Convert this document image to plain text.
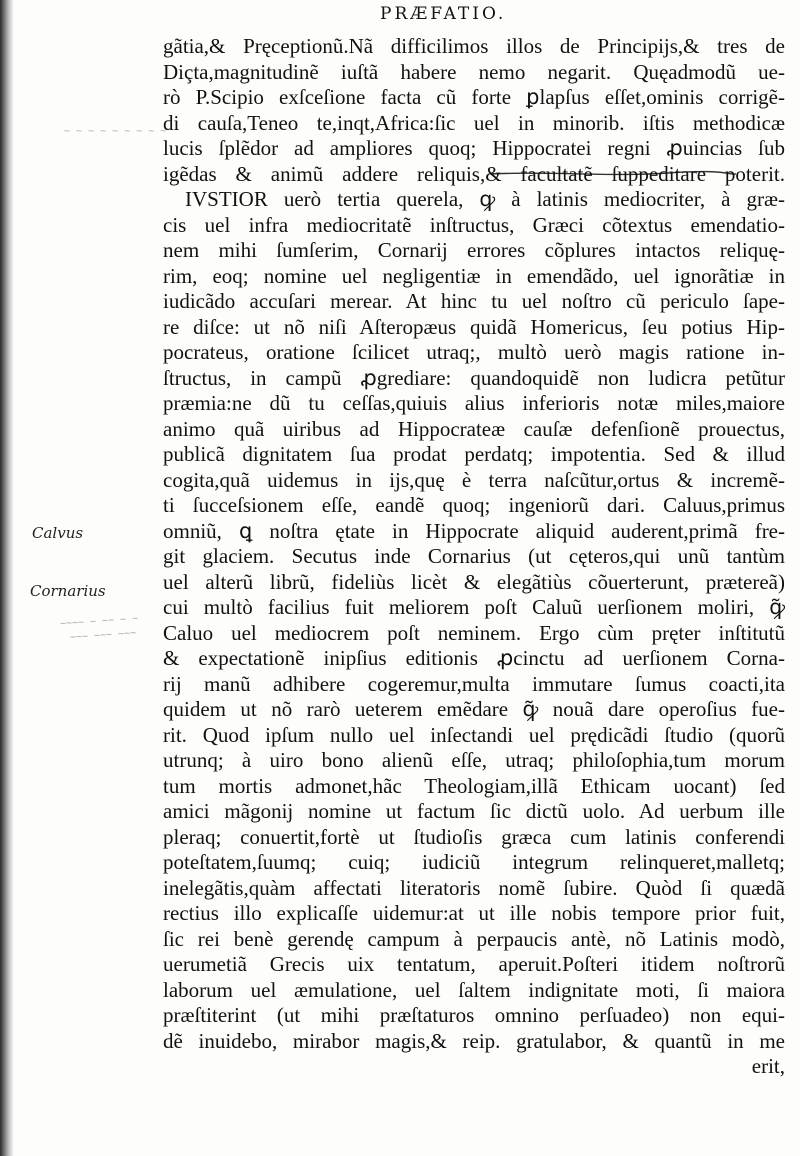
PRÆFATIO.
~ ~ ~ ~ ~ ~ ~ ~ ~
~~~~ ~ ~~ ~ ~
~~~ ~~~ ~~~
Calvus
Cornarius
gãtia,& Pręceptionũ.Nã difficilimos illos de Principijs,& tres de
Diçta,magnitudinẽ iuſtã habere nemo negarit. Quęadmodũ ue-
rò P.Scipio exſceſione facta cũ forte ꝑlapſus eſſet,ominis corrigẽ-
di cauſa,Teneo te,inqt,Africa:ſic uel in minorib. iſtis methodicæ
lucis ſplẽdor ad ampliores quoq; Hippocratei regni ꝓuincias ſub
igẽdas & animũ addere reliquis,& facultatẽ ſuppeditare poterit.
IVSTIOR uerò tertia querela, ꝙ à latinis mediocriter, à græ-
cis uel infra mediocritatẽ inſtructus, Græci cõtextus emendatio-
nem mihi ſumſerim, Cornarij errores cõplures intactos reliquę-
rim, eoq; nomine uel negligentiæ in emendãdo, uel ignorãtiæ in
iudicãdo accuſari merear. At hinc tu uel noſtro cũ periculo ſape-
re diſce: ut nõ niſi Aſteropæus quidã Homericus, ſeu potius Hip-
pocrateus, oratione ſcilicet utraq;, multò uerò magis ratione in-
ſtructus, in campũ ꝓgrediare: quandoquidẽ non ludicra petũtur
præmia:ne dũ tu ceſſas,quiuis alius inferioris notæ miles,maiore
animo quã uiribus ad Hippocrateæ cauſæ defenſionẽ prouectus,
publicã dignitatem ſua prodat perdatq; impotentia. Sed & illud
cogita,quã uidemus in ijs,quę è terra naſcũtur,ortus & incremẽ-
ti ſucceſsionem eſſe, eandẽ quoq; ingeniorũ dari. Caluus,primus
omniũ, ꝗ noſtra ętate in Hippocrate aliquid auderent,primã fre-
git glaciem. Secutus inde Cornarius (ut cęteros,qui unũ tantùm
uel alterũ librũ, fideliùs licèt & elegãtiùs cõuerterunt, prætereã)
cui multò facilius fuit meliorem poſt Caluũ uerſionem moliri, ꝙ̃
Caluo uel mediocrem poſt neminem. Ergo cùm pręter inſtitutũ
& expectationẽ inipſius editionis ꝓcinctu ad uerſionem Corna-
rij manũ adhibere cogeremur,multa immutare ſumus coacti,ita
quidem ut nõ rarò ueterem emẽdare ꝙ̃ nouã dare operoſius fue-
rit. Quod ipſum nullo uel inſectandi uel prędicãdi ſtudio (quorũ
utrunq; à uiro bono alienũ eſſe, utraq; philoſophia,tum morum
tum mortis admonet,hãc Theologiam,illã Ethicam uocant) ſed
amici mãgonij nomine ut factum ſic dictũ uolo. Ad uerbum ille
pleraq; conuertit,fortè ut ſtudioſis græca cum latinis conferendi
poteſtatem,ſuumq; cuiq; iudiciũ integrum relinqueret,malletq;
inelegãtis,quàm affectati literatoris nomẽ ſubire. Quòd ſi quædã
rectius illo explicaſſe uidemur:at ut ille nobis tempore prior fuit,
ſic rei benè gerendę campum à perpaucis antè, nõ Latinis modò,
uerumetiã Grecis uix tentatum, aperuit.Poſteri itidem noſtrorũ
laborum uel æmulatione, uel ſaltem indignitate moti, ſi maiora
præſtiterint (ut mihi præſtaturos omnino perſuadeo) non equi-
dẽ inuidebo, mirabor magis,& reip. gratulabor, & quantũ in me
erit,
